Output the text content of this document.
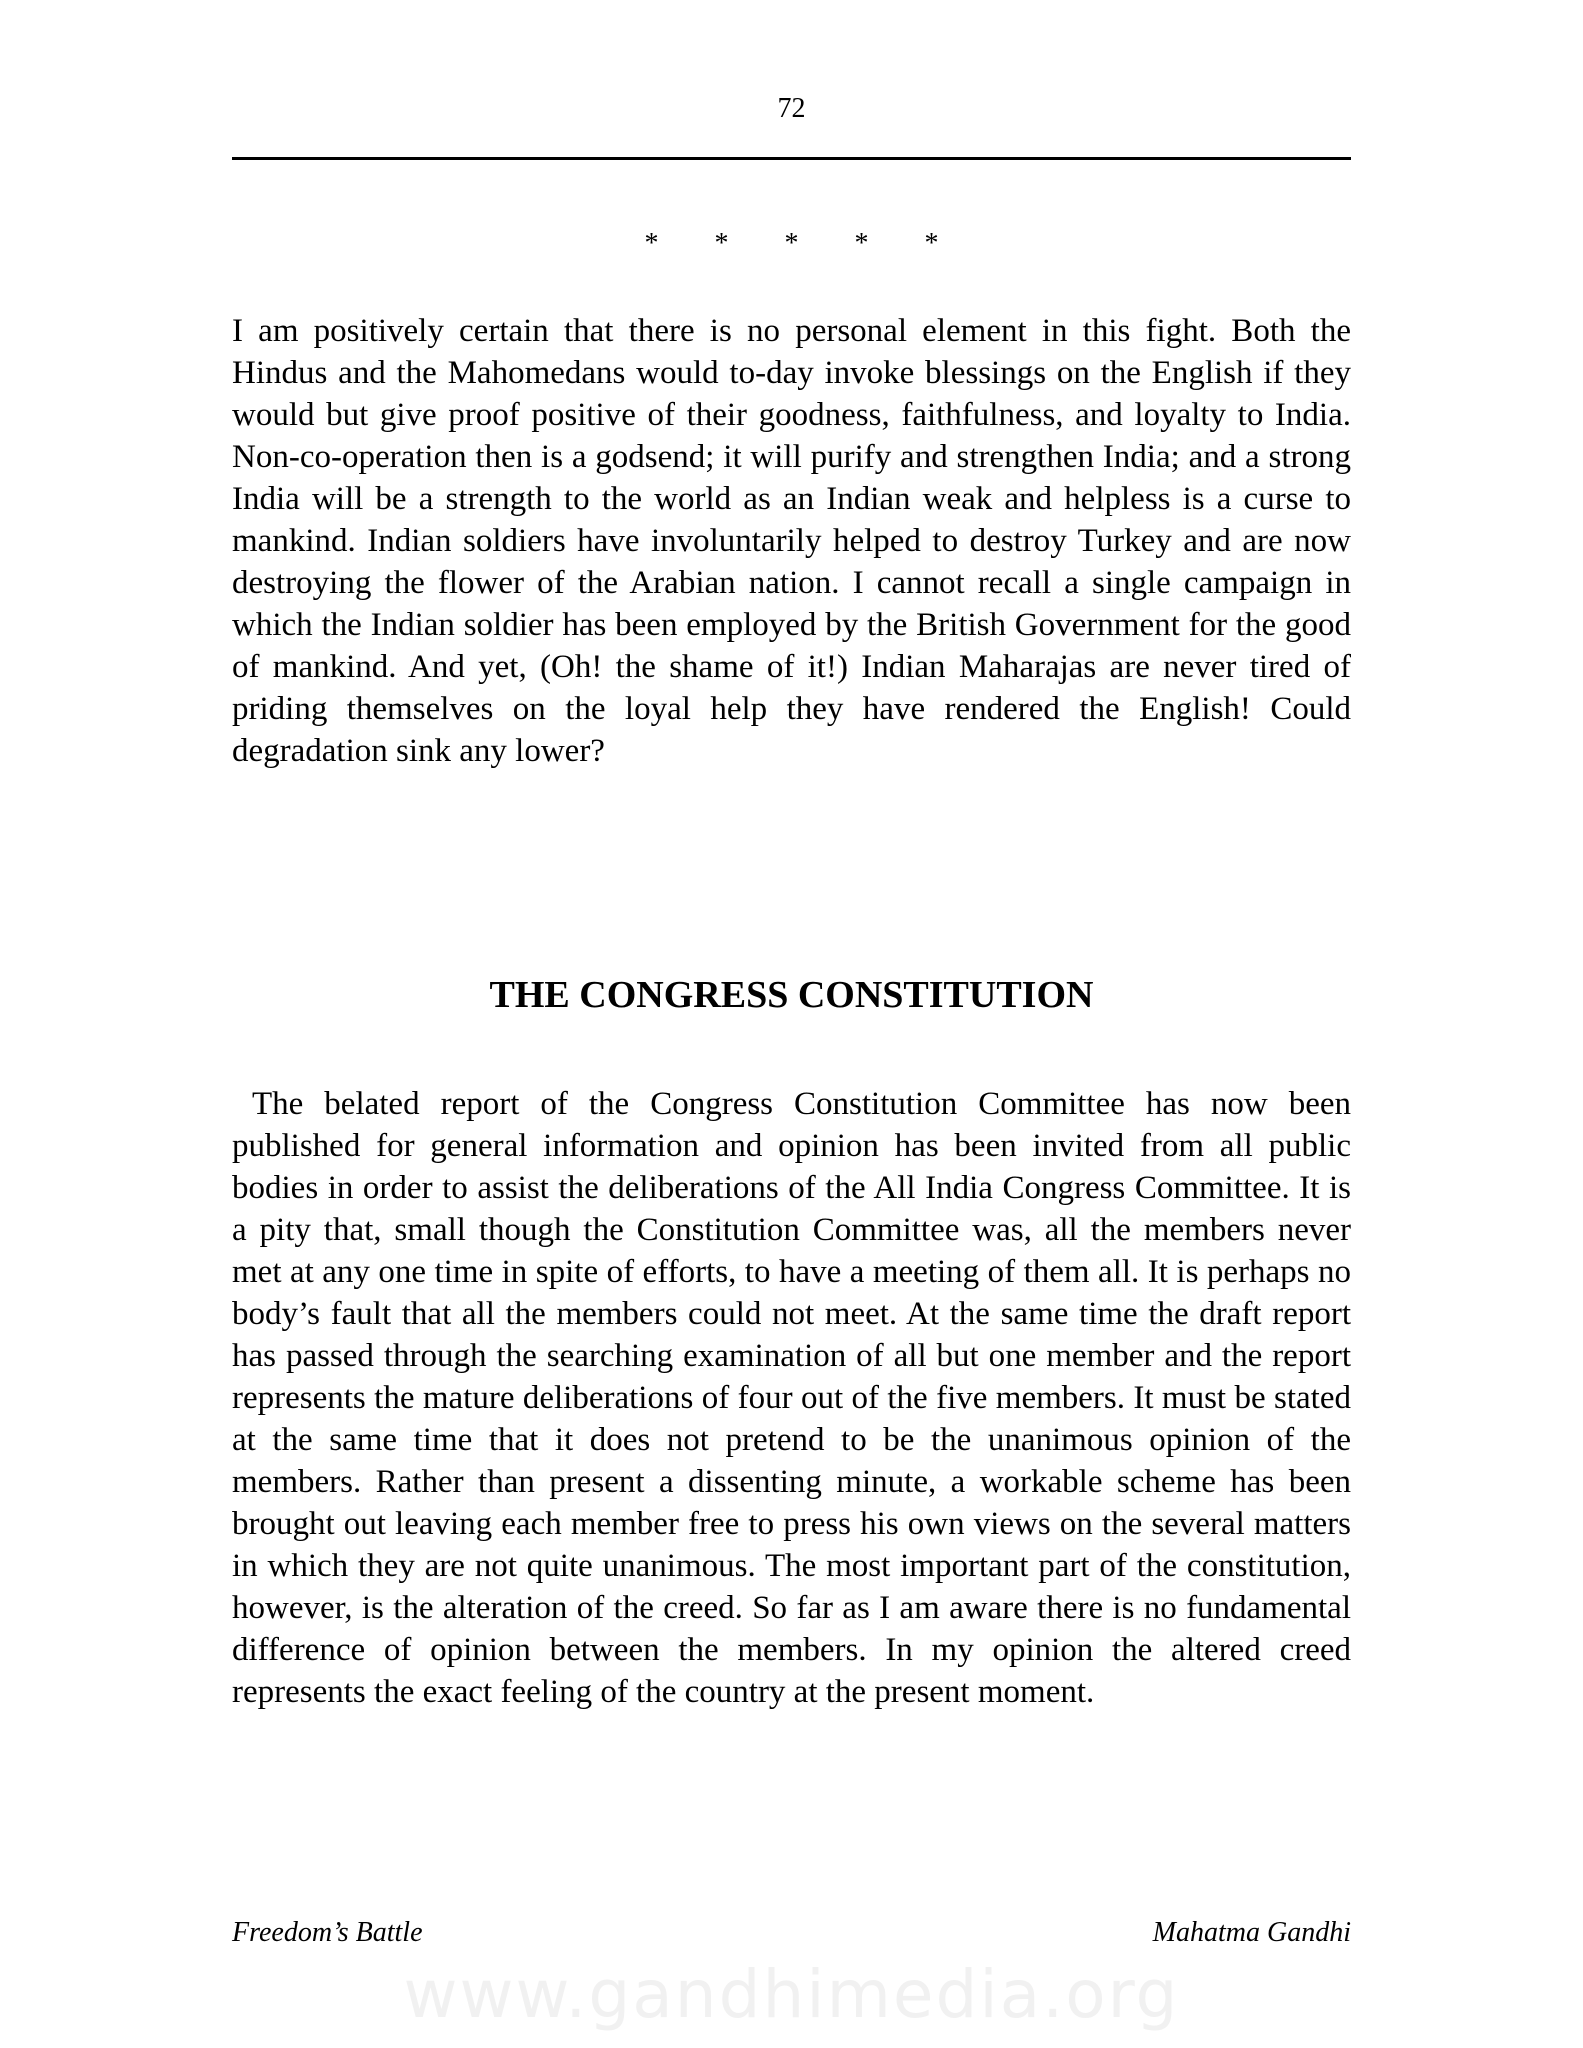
72
* * * * *

I am positively certain that there is no personal element in this fight. Both the Hindus and the Mahomedans would to-day invoke blessings on the English if they would but give proof positive of their goodness, faithfulness, and loyalty to India. Non-co-operation then is a godsend; it will purify and strengthen India; and a strong India will be a strength to the world as an Indian weak and helpless is a curse to mankind. Indian soldiers have involuntarily helped to destroy Turkey and are now destroying the flower of the Arabian nation. I cannot recall a single campaign in which the Indian soldier has been employed by the British Government for the good of mankind. And yet, (Oh! the shame of it!) Indian Maharajas are never tired of priding themselves on the loyal help they have rendered the English! Could degradation sink any lower?

THE CONGRESS CONSTITUTION

The belated report of the Congress Constitution Committee has now been published for general information and opinion has been invited from all public bodies in order to assist the deliberations of the All India Congress Committee. It is a pity that, small though the Constitution Committee was, all the members never met at any one time in spite of efforts, to have a meeting of them all. It is perhaps no body’s fault that all the members could not meet. At the same time the draft report has passed through the searching examination of all but one member and the report represents the mature deliberations of four out of the five members. It must be stated at the same time that it does not pretend to be the unanimous opinion of the members. Rather than present a dissenting minute, a workable scheme has been brought out leaving each member free to press his own views on the several matters in which they are not quite unanimous. The most important part of the constitution, however, is the alteration of the creed. So far as I am aware there is no fundamental difference of opinion between the members. In my opinion the altered creed represents the exact feeling of the country at the present moment.

Freedom’s Battle	Mahatma Gandhi
www.gandhimedia.org
